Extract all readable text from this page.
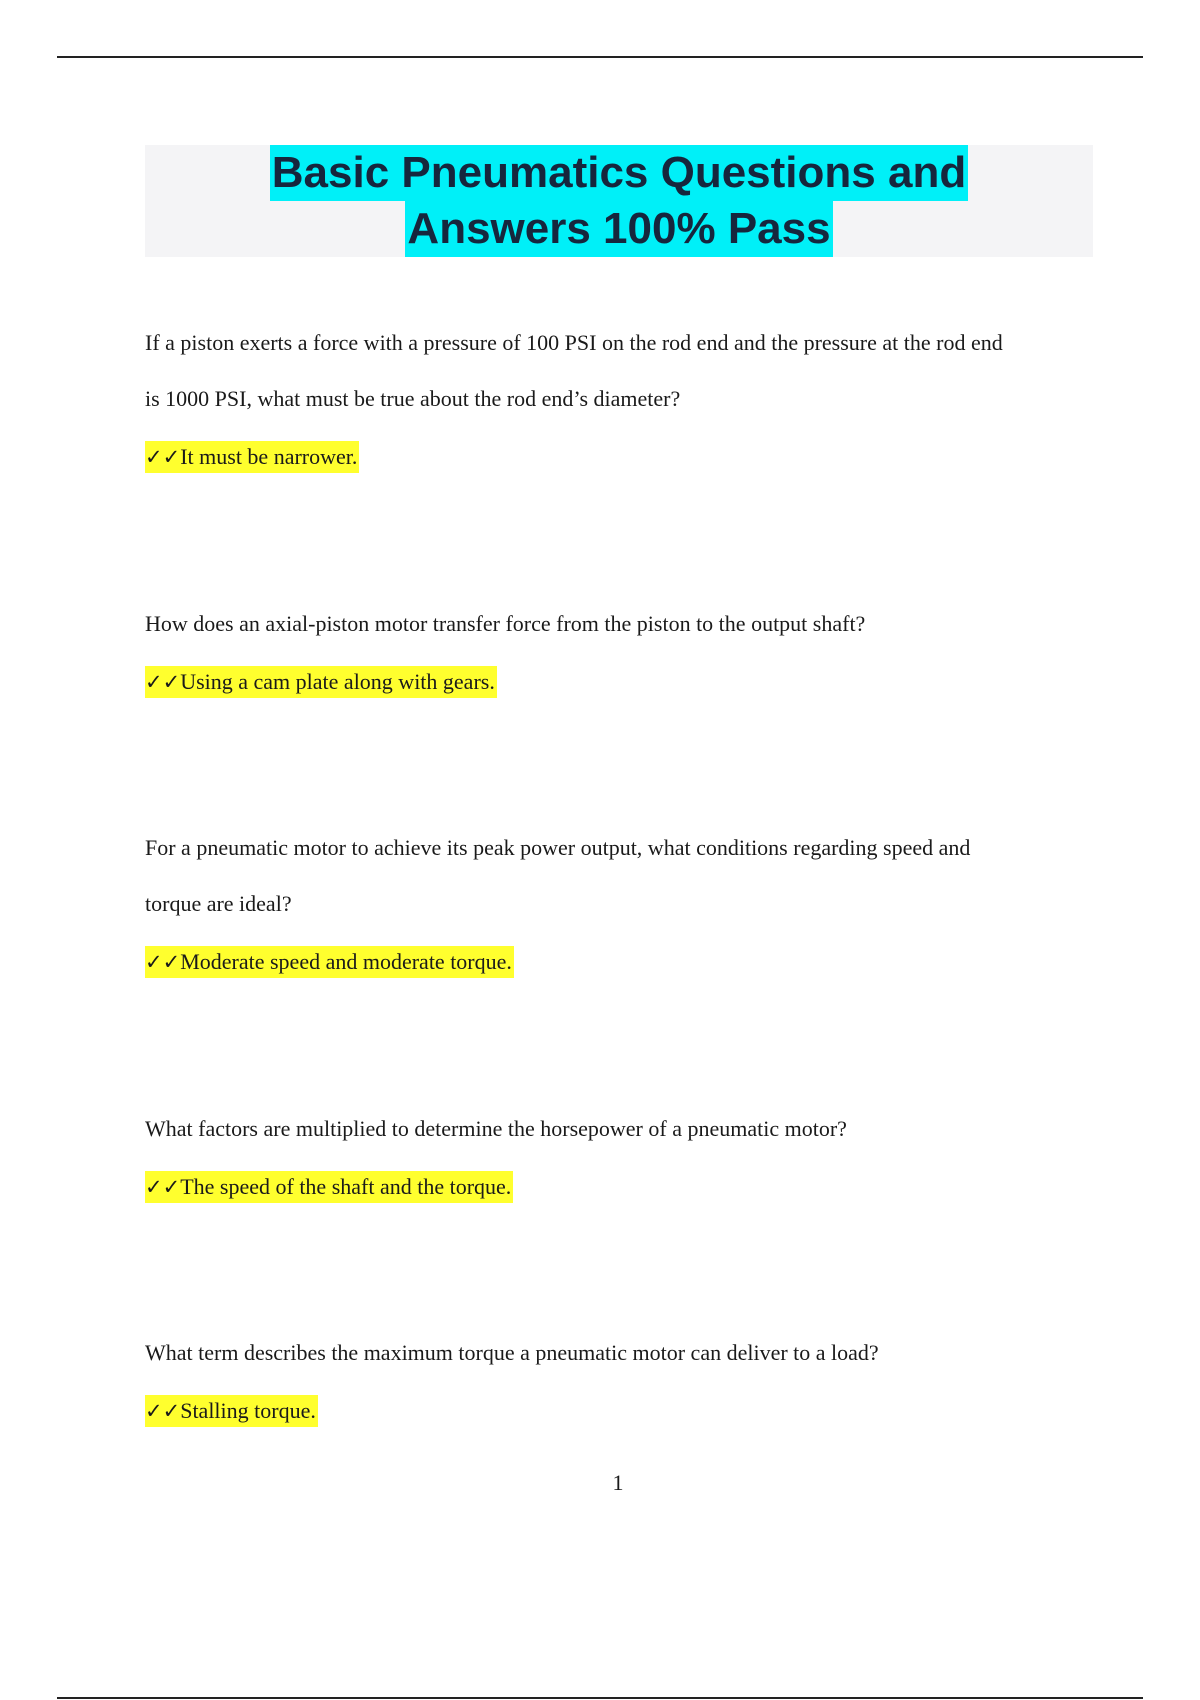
Basic Pneumatics Questions and
Answers 100% Pass

If a piston exerts a force with a pressure of 100 PSI on the rod end and the pressure at the rod end
is 1000 PSI, what must be true about the rod end’s diameter?

✓✓It must be narrower.

How does an axial-piston motor transfer force from the piston to the output shaft?

✓✓Using a cam plate along with gears.

For a pneumatic motor to achieve its peak power output, what conditions regarding speed and
torque are ideal?

✓✓Moderate speed and moderate torque.

What factors are multiplied to determine the horsepower of a pneumatic motor?

✓✓The speed of the shaft and the torque.

What term describes the maximum torque a pneumatic motor can deliver to a load?

✓✓Stalling torque.
1
